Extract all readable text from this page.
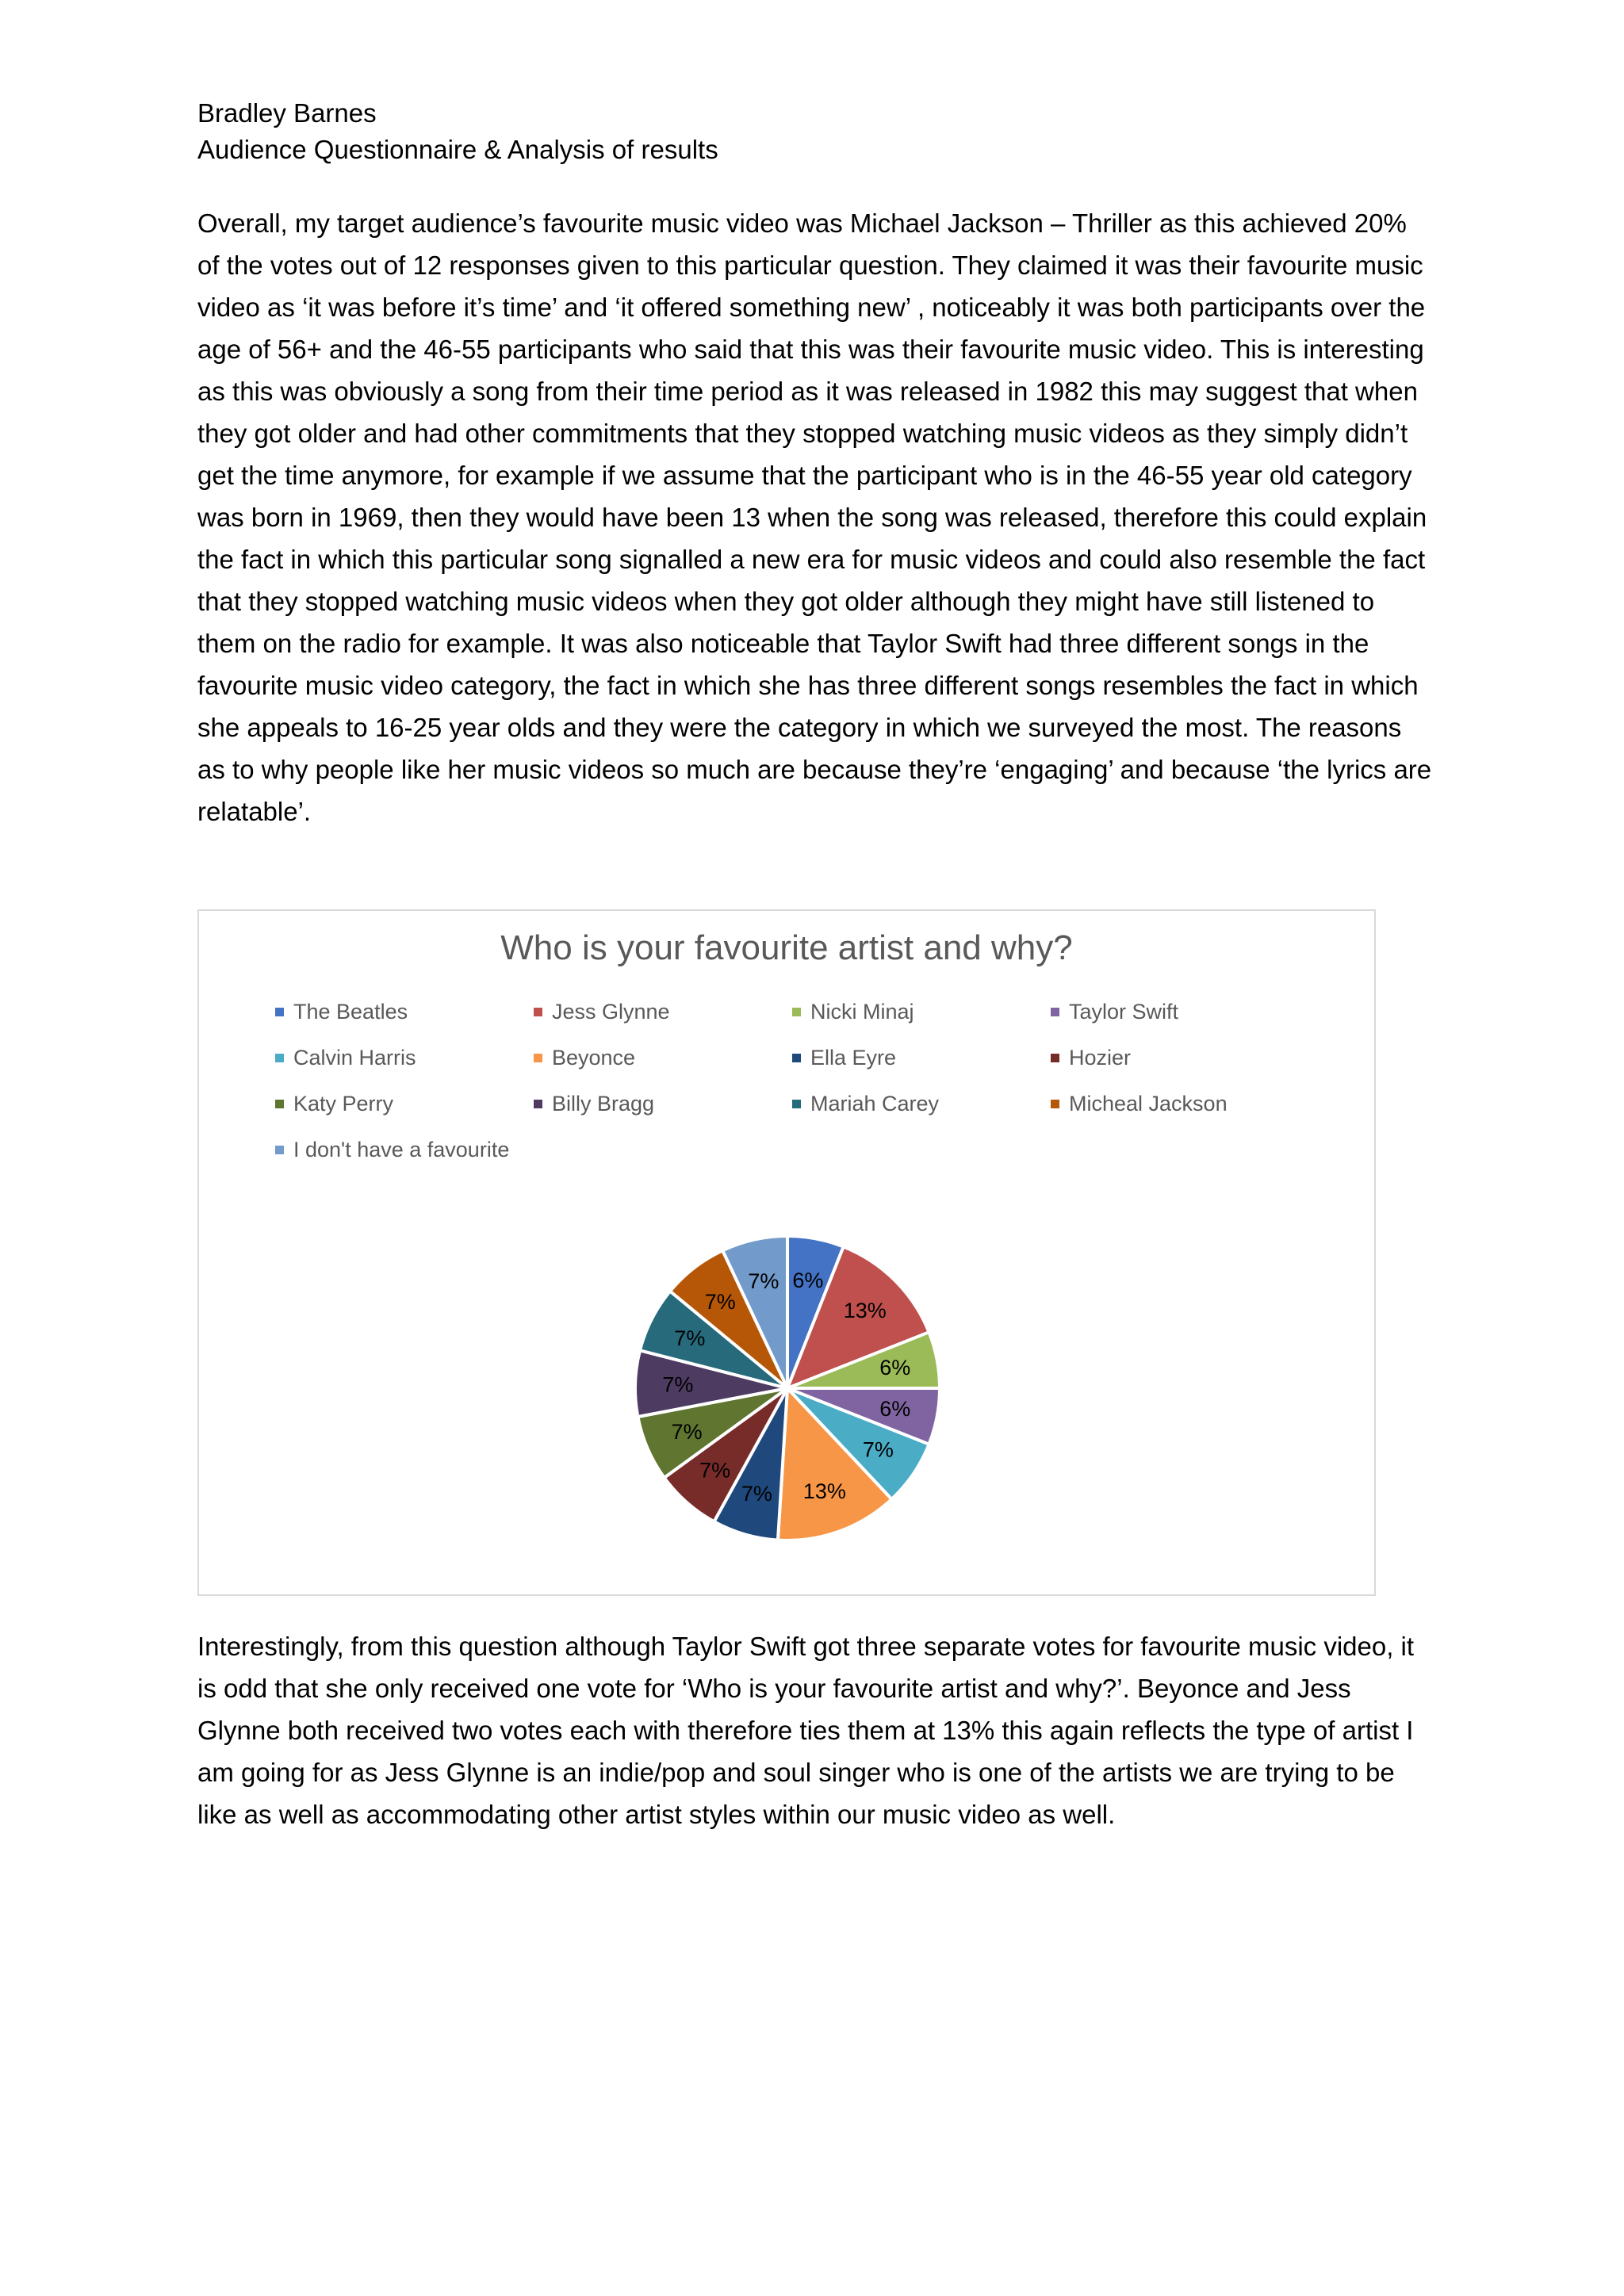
Bradley Barnes
Audience Questionnaire & Analysis of results

Overall, my target audience’s favourite music video was Michael Jackson – Thriller as this achieved 20% of the votes out of 12 responses given to this particular question. They claimed it was their favourite music video as ‘it was before it’s time’ and ‘it offered something new’ , noticeably it was both participants over the age of 56+ and the 46-55 participants who said that this was their favourite music video. This is interesting as this was obviously a song from their time period as it was released in 1982 this may suggest that when they got older and had other commitments that they stopped watching music videos as they simply didn’t get the time anymore, for example if we assume that the participant who is in the 46-55 year old category was born in 1969, then they would have been 13 when the song was released, therefore this could explain the fact in which this particular song signalled a new era for music videos and could also resemble the fact that they stopped watching music videos when they got older although they might have still listened to them on the radio for example. It was also noticeable that Taylor Swift had three different songs in the favourite music video category, the fact in which she has three different songs resembles the fact in which she appeals to 16-25 year olds and they were the category in which we surveyed the most. The reasons as to why people like her music videos so much are because they’re ‘engaging’ and because ‘the lyrics are relatable’.

Who is your favourite artist and why?
The Beatles	Jess Glynne	Nicki Minaj	Taylor Swift
Calvin Harris	Beyonce	Ella Eyre	Hozier
Katy Perry	Billy Bragg	Mariah Carey	Micheal Jackson
I don't have a favourite
6%
13%
6%
6%
7%
13%
7%
7%
7%
7%
7%
7%
7%

Interestingly, from this question although Taylor Swift got three separate votes for favourite music video, it is odd that she only received one vote for ‘Who is your favourite artist and why?’. Beyonce and Jess Glynne both received two votes each with therefore ties them at 13% this again reflects the type of artist I am going for as Jess Glynne is an indie/pop and soul singer who is one of the artists we are trying to be like as well as accommodating other artist styles within our music video as well.
